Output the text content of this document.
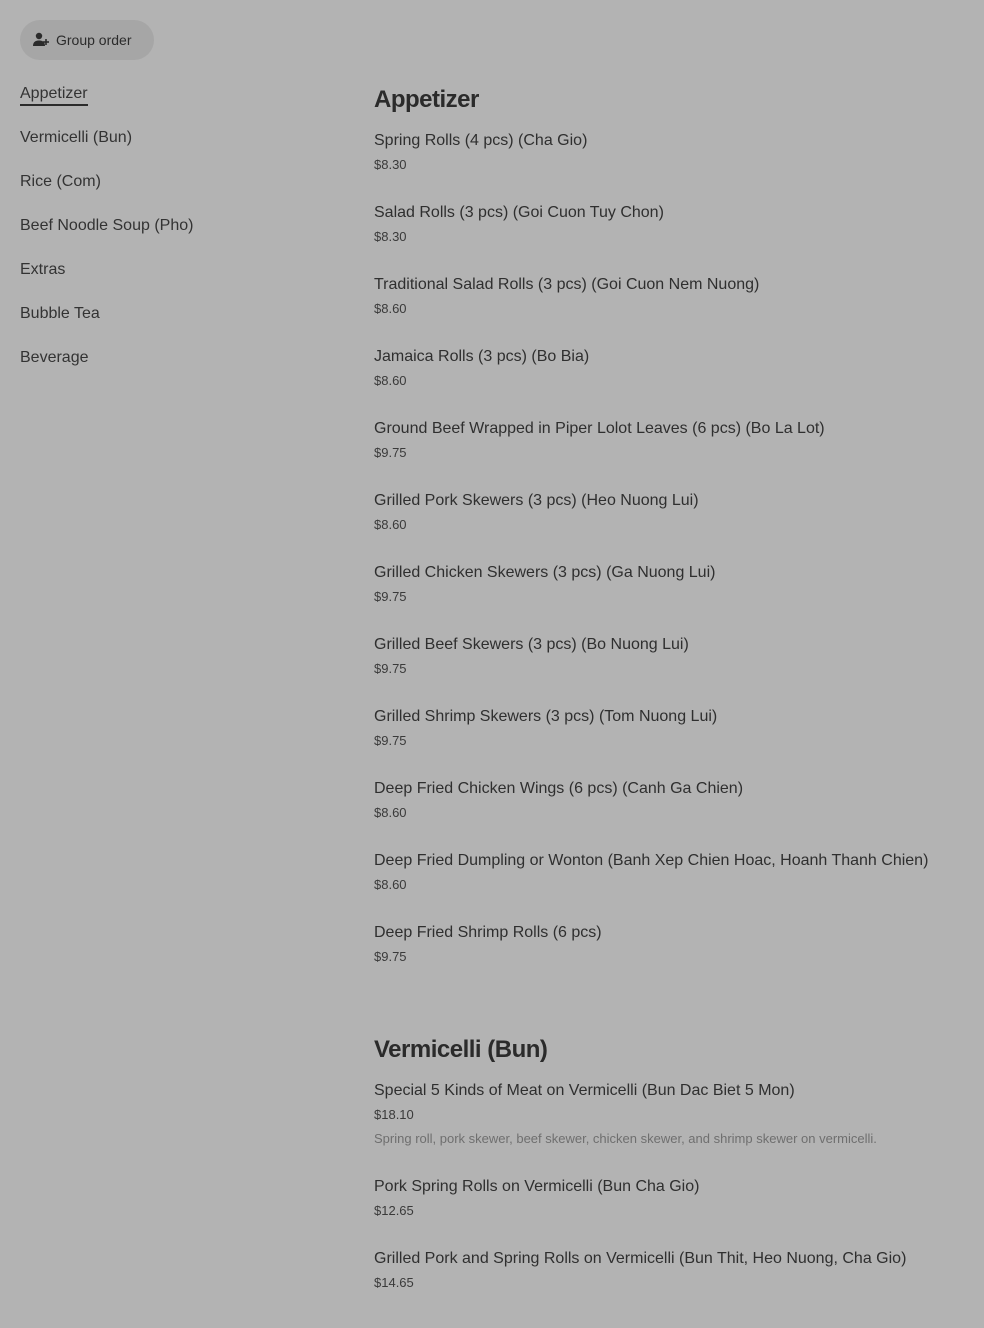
Group order
Appetizer
Vermicelli (Bun)
Rice (Com)
Beef Noodle Soup (Pho)
Extras
Bubble Tea
Beverage
Appetizer
Spring Rolls (4 pcs) (Cha Gio)
$8.30
Salad Rolls (3 pcs) (Goi Cuon Tuy Chon)
$8.30
Traditional Salad Rolls (3 pcs) (Goi Cuon Nem Nuong)
$8.60
Jamaica Rolls (3 pcs) (Bo Bia)
$8.60
Ground Beef Wrapped in Piper Lolot Leaves (6 pcs) (Bo La Lot)
$9.75
Grilled Pork Skewers (3 pcs) (Heo Nuong Lui)
$8.60
Grilled Chicken Skewers (3 pcs) (Ga Nuong Lui)
$9.75
Grilled Beef Skewers (3 pcs) (Bo Nuong Lui)
$9.75
Grilled Shrimp Skewers (3 pcs) (Tom Nuong Lui)
$9.75
Deep Fried Chicken Wings (6 pcs) (Canh Ga Chien)
$8.60
Deep Fried Dumpling or Wonton (Banh Xep Chien Hoac, Hoanh Thanh Chien)
$8.60
Deep Fried Shrimp Rolls (6 pcs)
$9.75
Vermicelli (Bun)
Special 5 Kinds of Meat on Vermicelli (Bun Dac Biet 5 Mon)
$18.10
Spring roll, pork skewer, beef skewer, chicken skewer, and shrimp skewer on vermicelli.
Pork Spring Rolls on Vermicelli (Bun Cha Gio)
$12.65
Grilled Pork and Spring Rolls on Vermicelli (Bun Thit, Heo Nuong, Cha Gio)
$14.65
